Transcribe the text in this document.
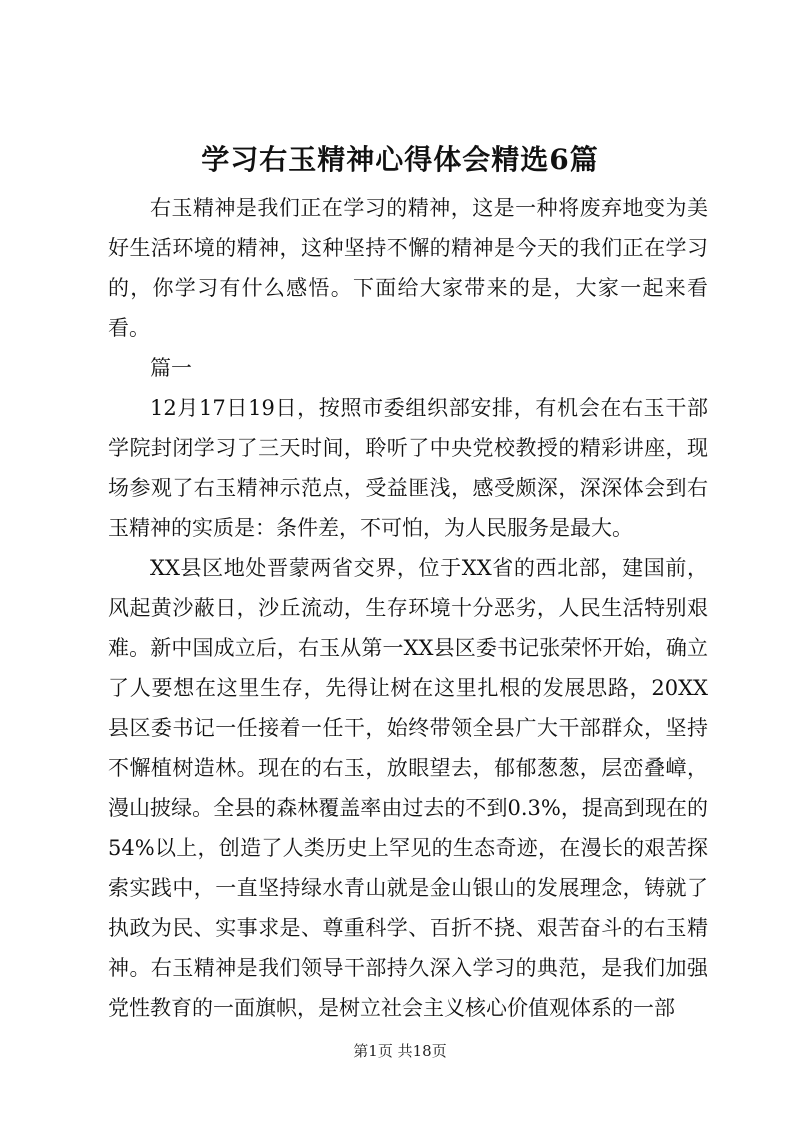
学习右玉精神心得体会精选6篇

右玉精神是我们正在学习的精神，这是一种将废弃地变为美好生活环境的精神，这种坚持不懈的精神是今天的我们正在学习的，你学习有什么感悟。下面给大家带来的是，大家一起来看看。

篇一

12月17日19日，按照市委组织部安排，有机会在右玉干部学院封闭学习了三天时间，聆听了中央党校教授的精彩讲座，现场参观了右玉精神示范点，受益匪浅，感受颇深，深深体会到右玉精神的实质是：条件差，不可怕，为人民服务是最大。

XX县区地处晋蒙两省交界，位于XX省的西北部，建国前，风起黄沙蔽日，沙丘流动，生存环境十分恶劣，人民生活特别艰难。新中国成立后，右玉从第一XX县区委书记张荣怀开始，确立了人要想在这里生存，先得让树在这里扎根的发展思路，20XX县区委书记一任接着一任干，始终带领全县广大干部群众，坚持不懈植树造林。现在的右玉，放眼望去，郁郁葱葱，层峦叠嶂，漫山披绿。全县的森林覆盖率由过去的不到0.3%，提高到现在的54%以上，创造了人类历史上罕见的生态奇迹，在漫长的艰苦探索实践中，一直坚持绿水青山就是金山银山的发展理念，铸就了执政为民、实事求是、尊重科学、百折不挠、艰苦奋斗的右玉精神。右玉精神是我们领导干部持久深入学习的典范，是我们加强党性教育的一面旗帜，是树立社会主义核心价值观体系的一部

第1页 共18页
